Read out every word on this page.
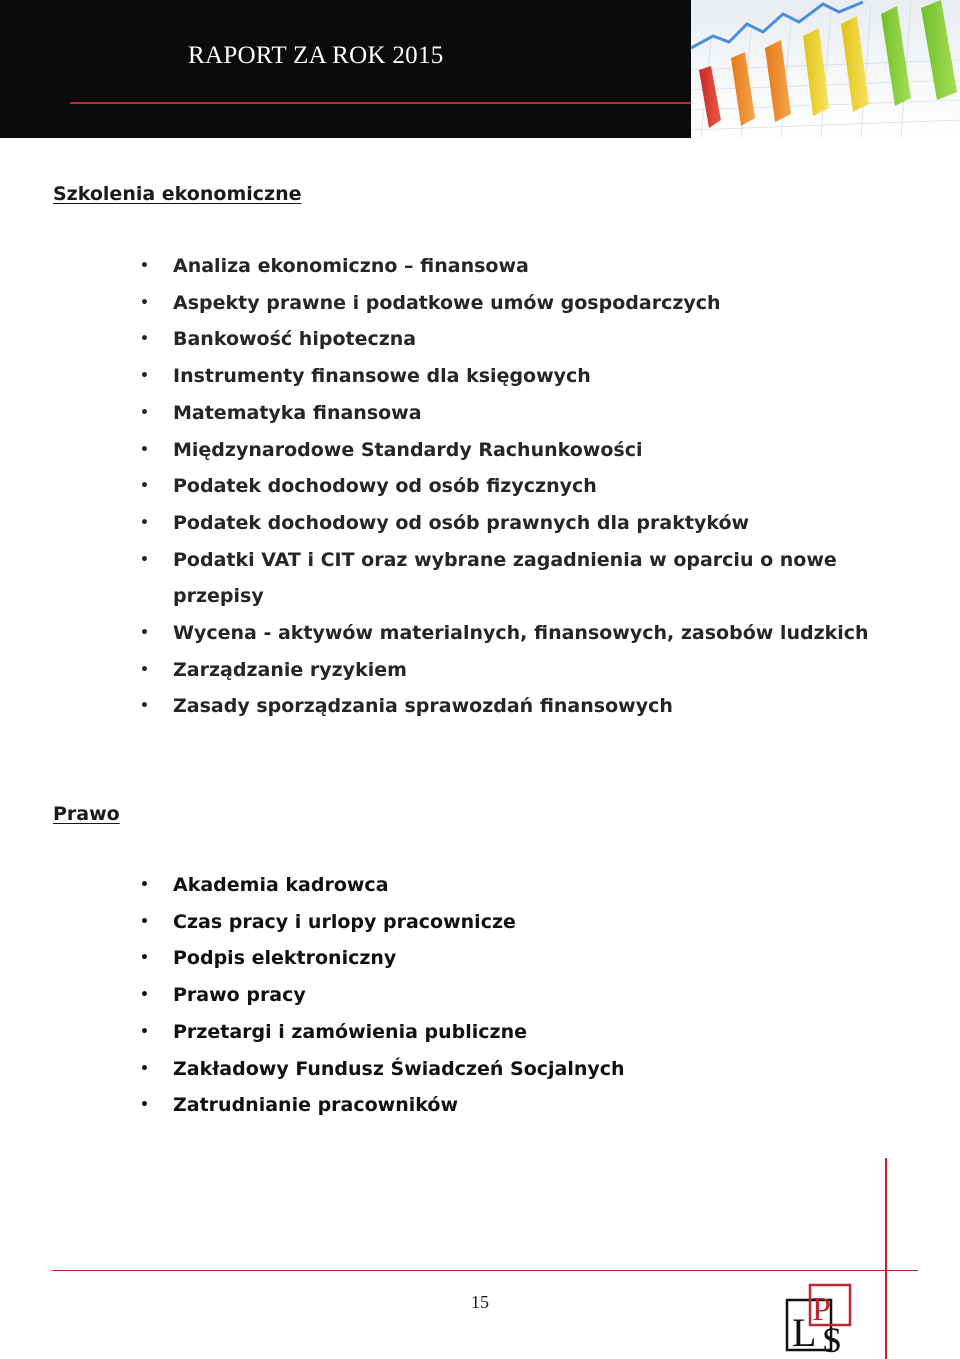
RAPORT ZA ROK 2015
Szkolenia ekonomiczne
• Analiza ekonomiczno – finansowa
• Aspekty prawne i podatkowe umów gospodarczych
• Bankowość hipoteczna
• Instrumenty finansowe dla księgowych
• Matematyka finansowa
• Międzynarodowe Standardy Rachunkowości
• Podatek dochodowy od osób fizycznych
• Podatek dochodowy od osób prawnych dla praktyków
• Podatki VAT i CIT oraz wybrane zagadnienia w oparciu o nowe przepisy
• Wycena - aktywów materialnych, finansowych, zasobów ludzkich
• Zarządzanie ryzykiem
• Zasady sporządzania sprawozdań finansowych
Prawo
• Akademia kadrowca
• Czas pracy i urlopy pracownicze
• Podpis elektroniczny
• Prawo pracy
• Przetargi i zamówienia publiczne
• Zakładowy Fundusz Świadczeń Socjalnych
• Zatrudnianie pracowników
15
L
P
S
